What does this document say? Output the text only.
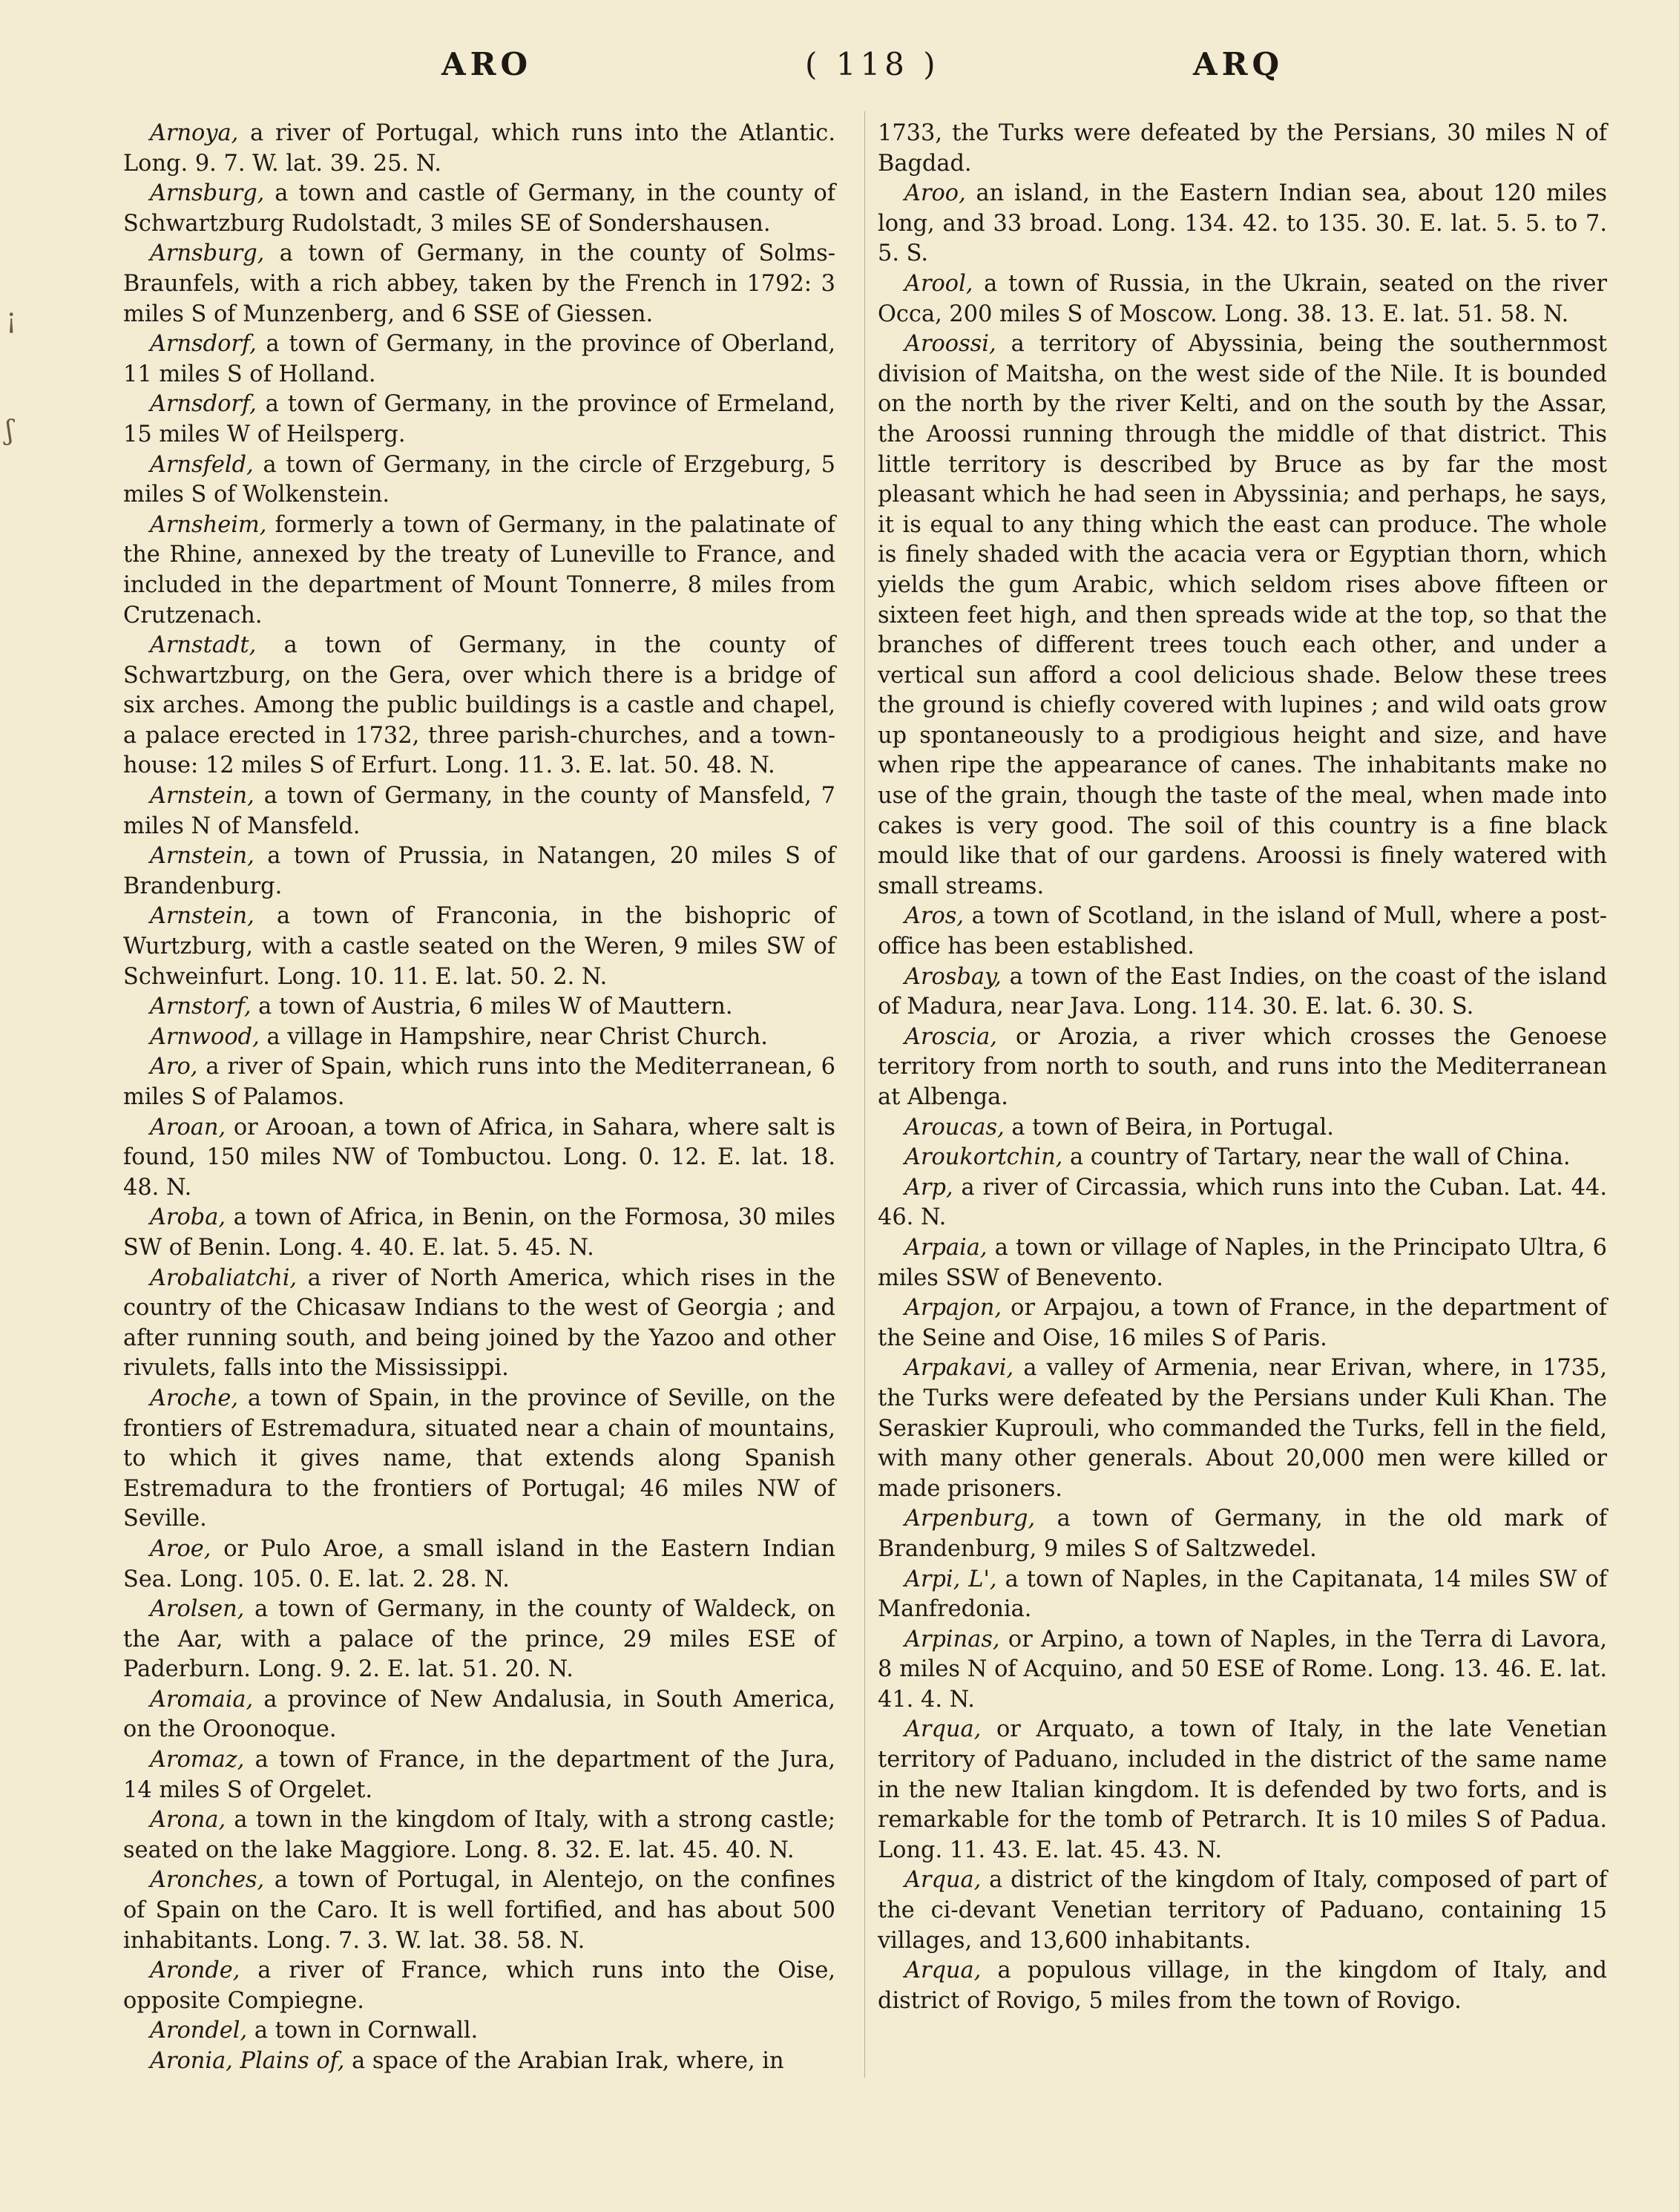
ARO	( 118 )	ARQ
¡
ʃ

Arnoya, a river of Portugal, which runs into the Atlantic. Long. 9. 7. W. lat. 39. 25. N.

Arnsburg, a town and castle of Germany, in the county of Schwartzburg Rudolstadt, 3 miles SE of Sondershausen.

Arnsburg, a town of Germany, in the county of Solms-Braunfels, with a rich abbey, taken by the French in 1792: 3 miles S of Munzenberg, and 6 SSE of Giessen.

Arnsdorf, a town of Germany, in the province of Oberland, 11 miles S of Holland.

Arnsdorf, a town of Germany, in the province of Ermeland, 15 miles W of Heilsperg.

Arnsfeld, a town of Germany, in the circle of Erzgeburg, 5 miles S of Wolkenstein.

Arnsheim, formerly a town of Germany, in the palatinate of the Rhine, annexed by the treaty of Luneville to France, and included in the department of Mount Tonnerre, 8 miles from Crutzenach.

Arnstadt, a town of Germany, in the county of Schwartzburg, on the Gera, over which there is a bridge of six arches. Among the public buildings is a castle and chapel, a palace erected in 1732, three parish-churches, and a town-house: 12 miles S of Erfurt. Long. 11. 3. E. lat. 50. 48. N.

Arnstein, a town of Germany, in the county of Mansfeld, 7 miles N of Mansfeld.

Arnstein, a town of Prussia, in Natangen, 20 miles S of Brandenburg.

Arnstein, a town of Franconia, in the bishopric of Wurtzburg, with a castle seated on the Weren, 9 miles SW of Schweinfurt. Long. 10. 11. E. lat. 50. 2. N.

Arnstorf, a town of Austria, 6 miles W of Mauttern.

Arnwood, a village in Hampshire, near Christ Church.

Aro, a river of Spain, which runs into the Mediterranean, 6 miles S of Palamos.

Aroan, or Arooan, a town of Africa, in Sahara, where salt is found, 150 miles NW of Tombuctou. Long. 0. 12. E. lat. 18. 48. N.

Aroba, a town of Africa, in Benin, on the Formosa, 30 miles SW of Benin. Long. 4. 40. E. lat. 5. 45. N.

Arobaliatchi, a river of North America, which rises in the country of the Chicasaw Indians to the west of Georgia ; and after running south, and being joined by the Yazoo and other rivulets, falls into the Mississippi.

Aroche, a town of Spain, in the province of Seville, on the frontiers of Estremadura, situated near a chain of mountains, to which it gives name, that extends along Spanish Estremadura to the frontiers of Portugal; 46 miles NW of Seville.

Aroe, or Pulo Aroe, a small island in the Eastern Indian Sea. Long. 105. 0. E. lat. 2. 28. N.

Arolsen, a town of Germany, in the county of Waldeck, on the Aar, with a palace of the prince, 29 miles ESE of Paderburn. Long. 9. 2. E. lat. 51. 20. N.

Aromaia, a province of New Andalusia, in South America, on the Oroonoque.

Aromaz, a town of France, in the department of the Jura, 14 miles S of Orgelet.

Arona, a town in the kingdom of Italy, with a strong castle; seated on the lake Maggiore. Long. 8. 32. E. lat. 45. 40. N.

Aronches, a town of Portugal, in Alentejo, on the confines of Spain on the Caro. It is well fortified, and has about 500 inhabitants. Long. 7. 3. W. lat. 38. 58. N.

Aronde, a river of France, which runs into the Oise, opposite Compiegne.

Arondel, a town in Cornwall.

Aronia, Plains of, a space of the Arabian Irak, where, in

1733, the Turks were defeated by the Persians, 30 miles N of Bagdad.

Aroo, an island, in the Eastern Indian sea, about 120 miles long, and 33 broad. Long. 134. 42. to 135. 30. E. lat. 5. 5. to 7. 5. S.

Arool, a town of Russia, in the Ukrain, seated on the river Occa, 200 miles S of Moscow. Long. 38. 13. E. lat. 51. 58. N.

Aroossi, a territory of Abyssinia, being the southernmost division of Maitsha, on the west side of the Nile. It is bounded on the north by the river Kelti, and on the south by the Assar, the Aroossi running through the middle of that district. This little territory is described by Bruce as by far the most pleasant which he had seen in Abyssinia; and perhaps, he says, it is equal to any thing which the east can produce. The whole is finely shaded with the acacia vera or Egyptian thorn, which yields the gum Arabic, which seldom rises above fifteen or sixteen feet high, and then spreads wide at the top, so that the branches of different trees touch each other, and under a vertical sun afford a cool delicious shade. Below these trees the ground is chiefly covered with lupines ; and wild oats grow up spontaneously to a prodigious height and size, and have when ripe the appearance of canes. The inhabitants make no use of the grain, though the taste of the meal, when made into cakes is very good. The soil of this country is a fine black mould like that of our gardens. Aroossi is finely watered with small streams.

Aros, a town of Scotland, in the island of Mull, where a post-office has been established.

Arosbay, a town of the East Indies, on the coast of the island of Madura, near Java. Long. 114. 30. E. lat. 6. 30. S.

Aroscia, or Arozia, a river which crosses the Genoese territory from north to south, and runs into the Mediterranean at Albenga.

Aroucas, a town of Beira, in Portugal.

Aroukortchin, a country of Tartary, near the wall of China.

Arp, a river of Circassia, which runs into the Cuban. Lat. 44. 46. N.

Arpaia, a town or village of Naples, in the Principato Ultra, 6 miles SSW of Benevento.

Arpajon, or Arpajou, a town of France, in the department of the Seine and Oise, 16 miles S of Paris.

Arpakavi, a valley of Armenia, near Erivan, where, in 1735, the Turks were defeated by the Persians under Kuli Khan. The Seraskier Kuprouli, who commanded the Turks, fell in the field, with many other generals. About 20,000 men were killed or made prisoners.

Arpenburg, a town of Germany, in the old mark of Brandenburg, 9 miles S of Saltzwedel.

Arpi, L', a town of Naples, in the Capitanata, 14 miles SW of Manfredonia.

Arpinas, or Arpino, a town of Naples, in the Terra di Lavora, 8 miles N of Acquino, and 50 ESE of Rome. Long. 13. 46. E. lat. 41. 4. N.

Arqua, or Arquato, a town of Italy, in the late Venetian territory of Paduano, included in the district of the same name in the new Italian kingdom. It is defended by two forts, and is remarkable for the tomb of Petrarch. It is 10 miles S of Padua. Long. 11. 43. E. lat. 45. 43. N.

Arqua, a district of the kingdom of Italy, composed of part of the ci-devant Venetian territory of Paduano, containing 15 villages, and 13,600 inhabitants.

Arqua, a populous village, in the kingdom of Italy, and district of Rovigo, 5 miles from the town of Rovigo.
